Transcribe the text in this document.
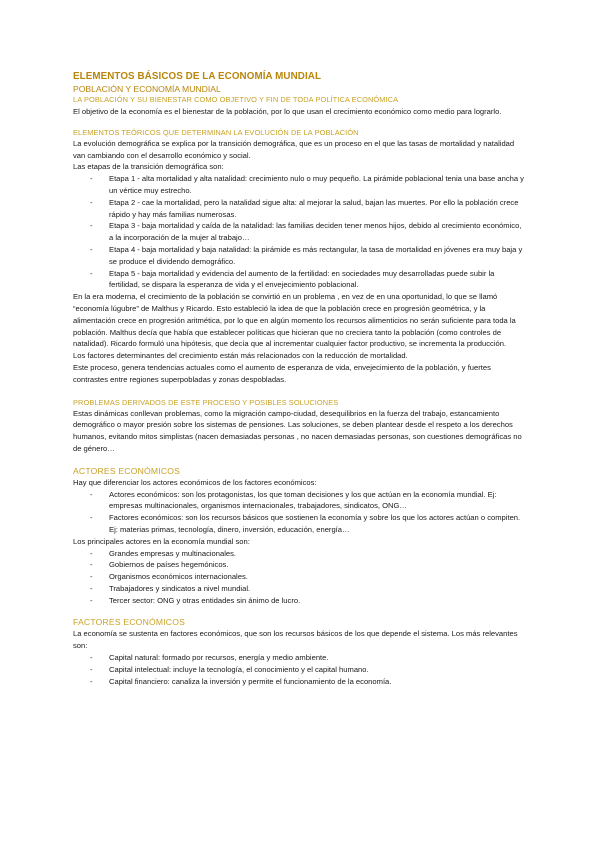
ELEMENTOS BÁSICOS DE LA ECONOMÍA MUNDIAL
POBLACIÓN Y ECONOMÍA MUNDIAL
LA POBLACIÓN Y SU BIENESTAR COMO OBJETIVO Y FIN DE TODA POLÍTICA ECONÓMICA

El objetivo de la economía es el bienestar de la población, por lo que usan el crecimiento económico como medio para lograrlo.

ELEMENTOS TEÓRICOS QUE DETERMINAN LA EVOLUCIÓN DE LA POBLACIÓN

La evolución demográfica se explica por la transición demográfica, que es un proceso en el que las tasas de mortalidad y natalidad van cambiando con el desarrollo económico y social.

Las etapas de la transición demográfica son:

- Etapa 1 - alta mortalidad y alta natalidad: crecimiento nulo o muy pequeño. La pirámide poblacional tenia una base ancha y un vértice muy estrecho.
- Etapa 2 - cae la mortalidad, pero la natalidad sigue alta: al mejorar la salud, bajan las muertes. Por ello la población crece rápido y hay más familias numerosas.
- Etapa 3 - baja mortalidad y caída de la natalidad: las familias deciden tener menos hijos, debido al crecimiento económico, a la incorporación de la mujer al trabajo…
- Etapa 4 - baja mortalidad y baja natalidad: la pirámide es más rectangular, la tasa de mortalidad en jóvenes era muy baja y se produce el dividendo demográfico.
- Etapa 5 - baja mortalidad y evidencia del aumento de la fertilidad: en sociedades muy desarrolladas puede subir la fertilidad, se dispara la esperanza de vida y el envejecimiento poblacional.

En la era moderna, el crecimiento de la población se convirtió en un problema , en vez de en una oportunidad, lo que se llamó “economía lúgubre” de Malthus y Ricardo. Esto estableció la idea de que la población crece en progresión geométrica, y la alimentación crece en progresión aritmética, por lo que en algún momento los recursos alimenticios no serán suficiente para toda la población. Malthus decía que había que establecer políticas que hicieran que no creciera tanto la población (como controles de natalidad). Ricardo formuló una hipótesis, que decía que al incrementar cualquier factor productivo, se incrementa la producción.

Los factores determinantes del crecimiento están más relacionados con la reducción de mortalidad.

Este proceso, genera tendencias actuales como el aumento de esperanza de vida, envejecimiento de la población, y fuertes contrastes entre regiones superpobladas y zonas despobladas.

PROBLEMAS DERIVADOS DE ESTE PROCESO Y POSIBLES SOLUCIONES

Estas dinámicas conllevan problemas, como la migración campo-ciudad, desequilibrios en la fuerza del trabajo, estancamiento demográfico o mayor presión sobre los sistemas de pensiones. Las soluciones, se deben plantear desde el respeto a los derechos humanos, evitando mitos simplistas (nacen demasiadas personas , no nacen demasiadas personas, son cuestiones demográficas no de género…

ACTORES ECONÓMICOS

Hay que diferenciar los actores económicos de los factores económicos:

- Actores económicos: son los protagonistas, los que toman decisiones y los que actúan en la economía mundial. Ej: empresas multinacionales, organismos internacionales, trabajadores, sindicatos, ONG…
- Factores económicos: son los recursos básicos que sostienen la economía y sobre los que los actores actúan o compiten. Ej: materias primas, tecnología, dinero, inversión, educación, energía…

Los principales actores en la economía mundial son:

- Grandes empresas y multinacionales.
- Gobiernos de países hegemónicos.
- Organismos económicos internacionales.
- Trabajadores y sindicatos a nivel mundial.
- Tercer sector: ONG y otras entidades sin ánimo de lucro.
FACTORES ECONÓMICOS

La economía se sustenta en factores económicos, que son los recursos básicos de los que depende el sistema. Los más relevantes son:

- Capital natural: formado por recursos, energía y medio ambiente.
- Capital intelectual: incluye la tecnología, el conocimiento y el capital humano.
- Capital financiero: canaliza la inversión y permite el funcionamiento de la economía.
